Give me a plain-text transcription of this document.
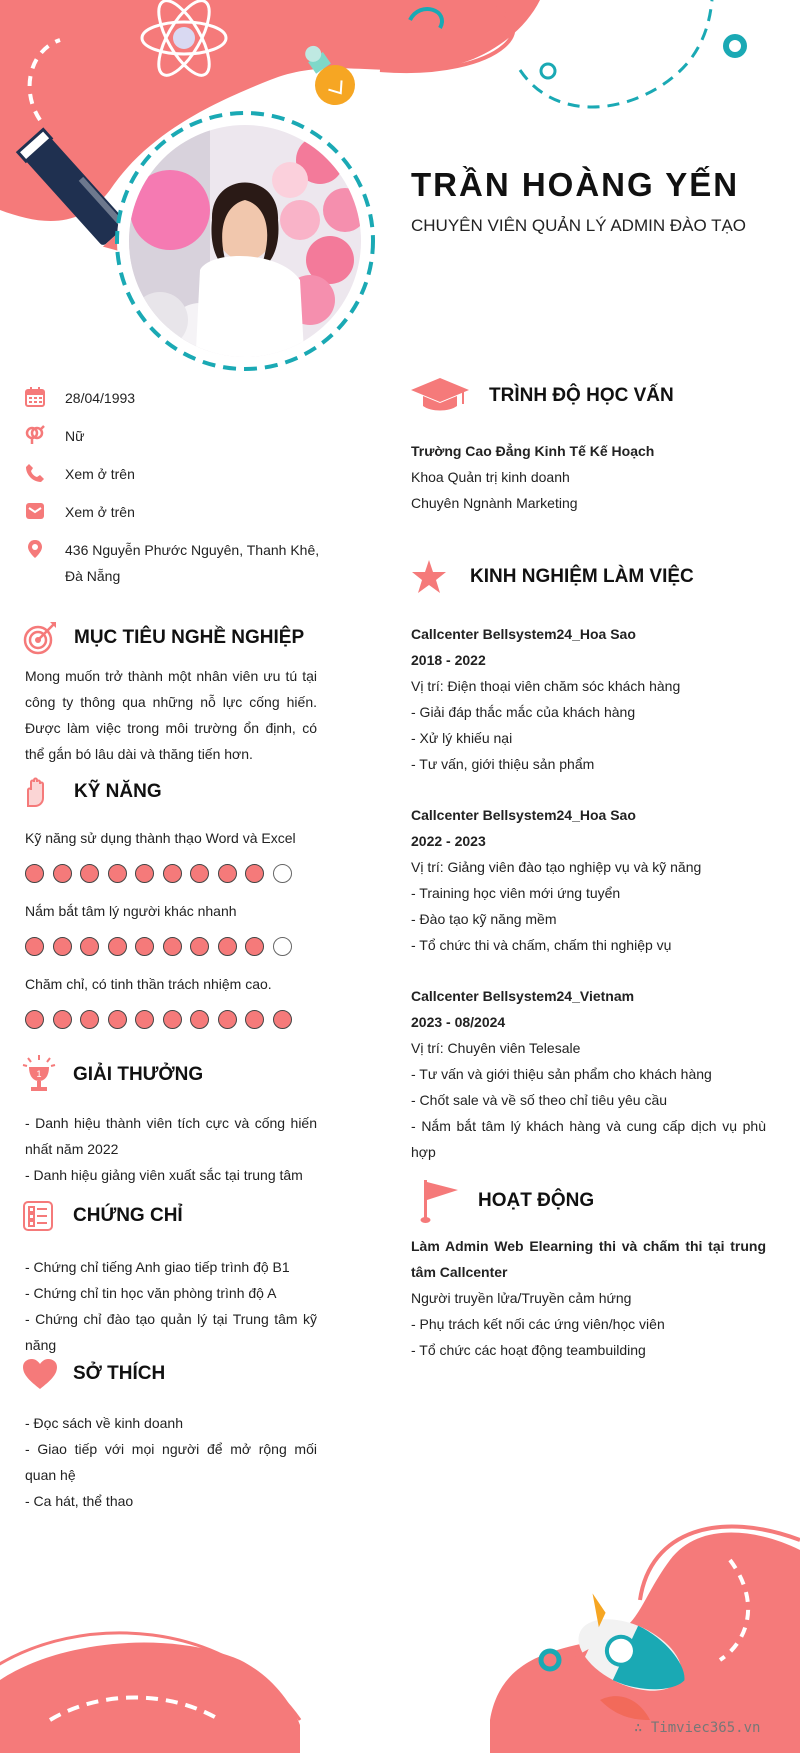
TRẦN HOÀNG YẾN
CHUYÊN VIÊN QUẢN LÝ ADMIN ĐÀO TẠO
28/04/1993
Nữ
Xem ở trên
Xem ở trên
436 Nguyễn Phước Nguyên, Thanh Khê, Đà Nẵng
MỤC TIÊU NGHỀ NGHIỆP
Mong muốn trở thành một nhân viên ưu tú tại công ty thông qua những nỗ lực cống hiến. Được làm việc trong môi trường ổn định, có thể gắn bó lâu dài và thăng tiến hơn.
KỸ NĂNG
Kỹ năng sử dụng thành thạo Word và Excel
Nắm bắt tâm lý người khác nhanh
Chăm chỉ, có tinh thần trách nhiệm cao.
1 GIẢI THƯỞNG
- Danh hiệu thành viên tích cực và cống hiến nhất năm 2022
- Danh hiệu giảng viên xuất sắc tại trung tâm
CHỨNG CHỈ
- Chứng chỉ tiếng Anh giao tiếp trình độ B1
- Chứng chỉ tin học văn phòng trình độ A
- Chứng chỉ đào tạo quản lý tại Trung tâm kỹ năng
SỞ THÍCH
- Đọc sách về kinh doanh
- Giao tiếp với mọi người để mở rộng mối quan hệ
- Ca hát, thể thao
TRÌNH ĐỘ HỌC VẤN
Trường Cao Đẳng Kinh Tế Kế Hoạch
Khoa Quản trị kinh doanh
Chuyên Ngnành Marketing
KINH NGHIỆM LÀM VIỆC
Callcenter Bellsystem24_Hoa Sao
2018 - 2022
Vị trí: Điện thoại viên chăm sóc khách hàng
- Giải đáp thắc mắc của khách hàng
- Xử lý khiếu nại
- Tư vấn, giới thiệu sản phẩm
Callcenter Bellsystem24_Hoa Sao
2022 - 2023
Vị trí: Giảng viên đào tạo nghiệp vụ và kỹ năng
- Training học viên mới ứng tuyển
- Đào tạo kỹ năng mềm
- Tổ chức thi và chấm, chấm thi nghiệp vụ
Callcenter Bellsystem24_Vietnam
2023 - 08/2024
Vị trí: Chuyên viên Telesale
- Tư vấn và giới thiệu sản phẩm cho khách hàng
- Chốt sale và về số theo chỉ tiêu yêu cầu
- Nắm bắt tâm lý khách hàng và cung cấp dịch vụ phù hợp
HOẠT ĐỘNG
Làm Admin Web Elearning thi và chấm thi tại trung tâm Callcenter
Người truyền lửa/Truyền cảm hứng
- Phụ trách kết nối các ứng viên/học viên
- Tổ chức các hoạt động teambuilding
∴ Timviec365.vn
